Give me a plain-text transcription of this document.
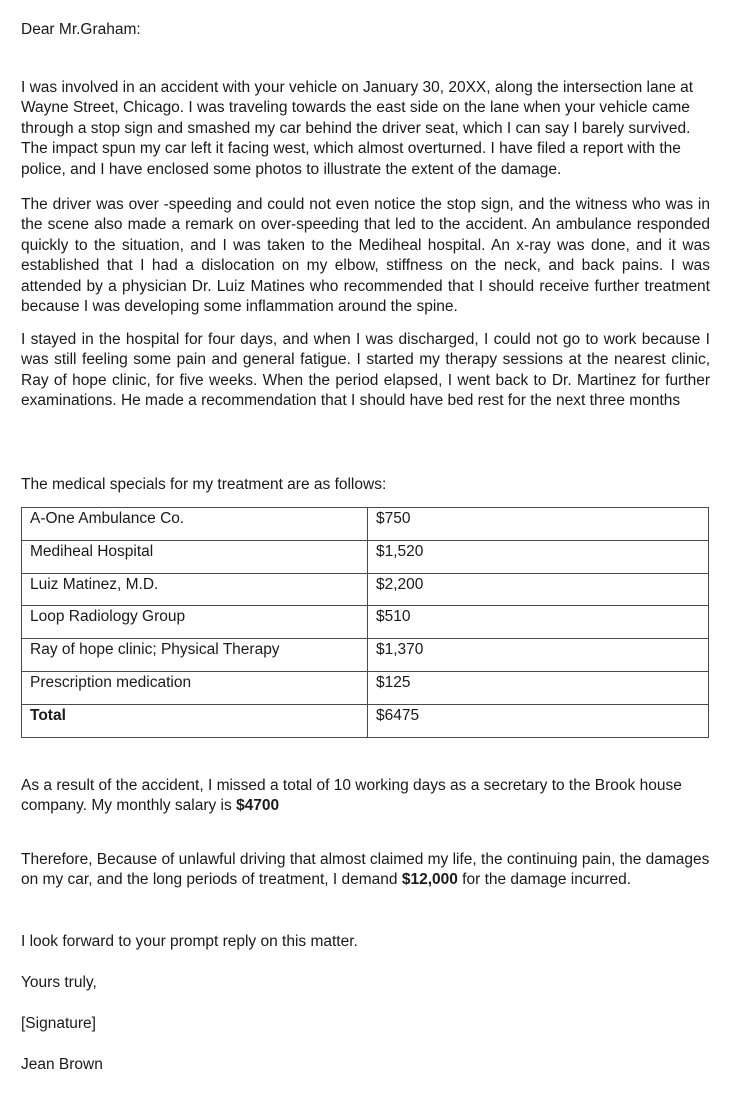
Dear Mr.Graham:

I was involved in an accident with your vehicle on January 30, 20XX, along the intersection lane at Wayne Street, Chicago. I was traveling towards the east side on the lane when your vehicle came through a stop sign and smashed my car behind the driver seat, which I can say I barely survived. The impact spun my car left it facing west, which almost overturned. I have filed a report with the police, and I have enclosed some photos to illustrate the extent of the damage.

The driver was over -speeding and could not even notice the stop sign, and the witness who was in the scene also made a remark on over-speeding that led to the accident. An ambulance responded quickly to the situation, and I was taken to the Mediheal hospital. An x-ray was done, and it was established that I had a dislocation on my elbow, stiffness on the neck, and back pains. I was attended by a physician Dr. Luiz Matines who recommended that I should receive further treatment because I was developing some inflammation around the spine.

I stayed in the hospital for four days, and when I was discharged, I could not go to work because I was still feeling some pain and general fatigue. I started my therapy sessions at the nearest clinic, Ray of hope clinic, for five weeks. When the period elapsed, I went back to Dr. Martinez for further examinations. He made a recommendation that I should have bed rest for the next three months

The medical specials for my treatment are as follows:
A-One Ambulance Co.	$750
Mediheal Hospital	$1,520
Luiz Matinez, M.D.	$2,200
Loop Radiology Group	$510
Ray of hope clinic; Physical Therapy	$1,370
Prescription medication	$125
Total	$6475

As a result of the accident, I missed a total of 10 working days as a secretary to the Brook house company. My monthly salary is $4700

Therefore, Because of unlawful driving that almost claimed my life, the continuing pain, the damages on my car, and the long periods of treatment, I demand $12,000 for the damage incurred.

I look forward to your prompt reply on this matter.
Yours truly,
[Signature]
Jean Brown
